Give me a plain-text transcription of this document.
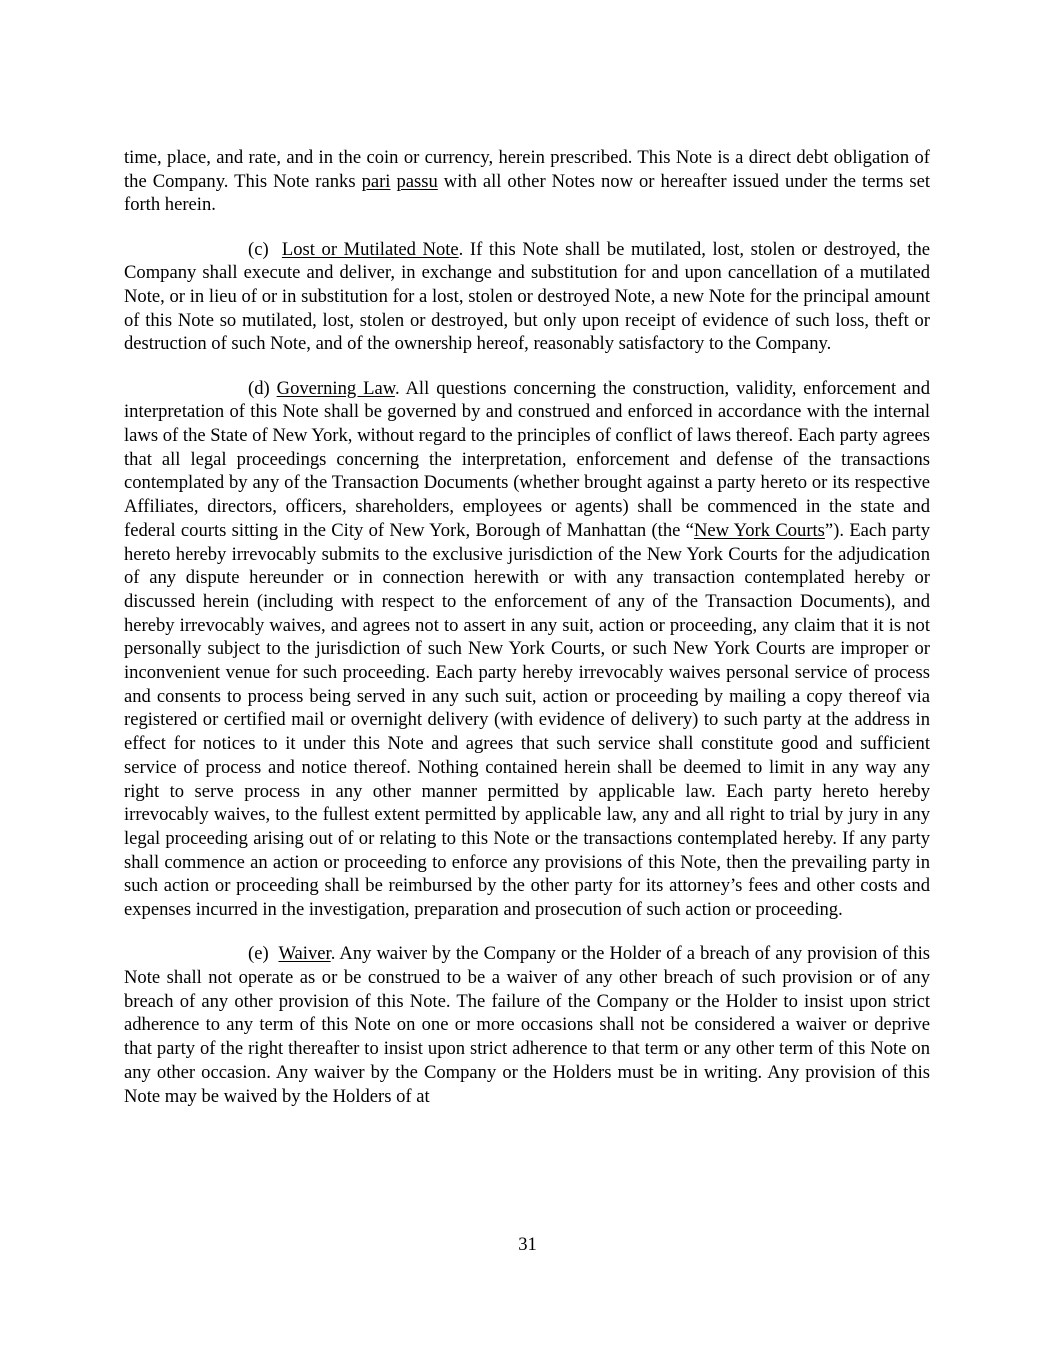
time, place, and rate, and in the coin or currency, herein prescribed. This Note is a direct debt obligation of the Company. This Note ranks pari passu with all other Notes now or hereafter issued under the terms set forth herein.

(c) Lost or Mutilated Note. If this Note shall be mutilated, lost, stolen or destroyed, the Company shall execute and deliver, in exchange and substitution for and upon cancellation of a mutilated Note, or in lieu of or in substitution for a lost, stolen or destroyed Note, a new Note for the principal amount of this Note so mutilated, lost, stolen or destroyed, but only upon receipt of evidence of such loss, theft or destruction of such Note, and of the ownership hereof, reasonably satisfactory to the Company.

(d) Governing Law. All questions concerning the construction, validity, enforcement and interpretation of this Note shall be governed by and construed and enforced in accordance with the internal laws of the State of New York, without regard to the principles of conflict of laws thereof. Each party agrees that all legal proceedings concerning the interpretation, enforcement and defense of the transactions contemplated by any of the Transaction Documents (whether brought against a party hereto or its respective Affiliates, directors, officers, shareholders, employees or agents) shall be commenced in the state and federal courts sitting in the City of New York, Borough of Manhattan (the “New York Courts”). Each party hereto hereby irrevocably submits to the exclusive jurisdiction of the New York Courts for the adjudication of any dispute hereunder or in connection herewith or with any transaction contemplated hereby or discussed herein (including with respect to the enforcement of any of the Transaction Documents), and hereby irrevocably waives, and agrees not to assert in any suit, action or proceeding, any claim that it is not personally subject to the jurisdiction of such New York Courts, or such New York Courts are improper or inconvenient venue for such proceeding. Each party hereby irrevocably waives personal service of process and consents to process being served in any such suit, action or proceeding by mailing a copy thereof via registered or certified mail or overnight delivery (with evidence of delivery) to such party at the address in effect for notices to it under this Note and agrees that such service shall constitute good and sufficient service of process and notice thereof. Nothing contained herein shall be deemed to limit in any way any right to serve process in any other manner permitted by applicable law. Each party hereto hereby irrevocably waives, to the fullest extent permitted by applicable law, any and all right to trial by jury in any legal proceeding arising out of or relating to this Note or the transactions contemplated hereby. If any party shall commence an action or proceeding to enforce any provisions of this Note, then the prevailing party in such action or proceeding shall be reimbursed by the other party for its attorney’s fees and other costs and expenses incurred in the investigation, preparation and prosecution of such action or proceeding.

(e) Waiver. Any waiver by the Company or the Holder of a breach of any provision of this Note shall not operate as or be construed to be a waiver of any other breach of such provision or of any breach of any other provision of this Note. The failure of the Company or the Holder to insist upon strict adherence to any term of this Note on one or more occasions shall not be considered a waiver or deprive that party of the right thereafter to insist upon strict adherence to that term or any other term of this Note on any other occasion. Any waiver by the Company or the Holders must be in writing. Any provision of this Note may be waived by the Holders of at

31
